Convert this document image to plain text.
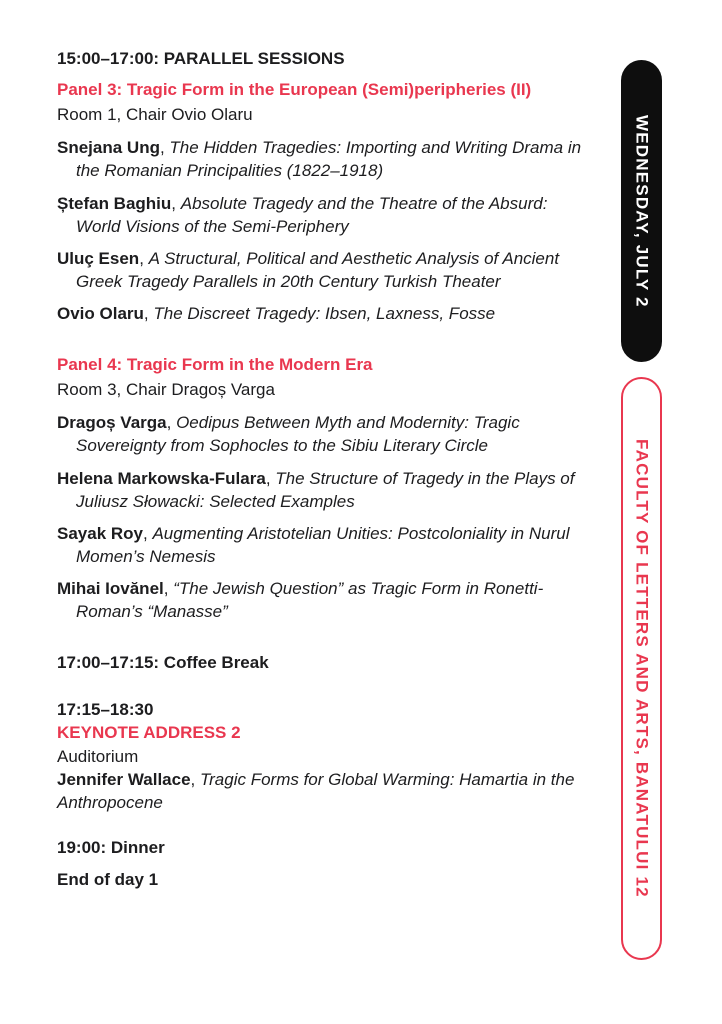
15:00–17:00: PARALLEL SESSIONS

Panel 3: Tragic Form in the European (Semi)peripheries (II)

Room 1, Chair Ovio Olaru

Snejana Ung, The Hidden Tragedies: Importing and Writing Drama in the Romanian Principalities (1822–1918)

Ștefan Baghiu, Absolute Tragedy and the Theatre of the Absurd: World Visions of the Semi-Periphery

Uluç Esen, A Structural, Political and Aesthetic Analysis of Ancient Greek Tragedy Parallels in 20th Century Turkish Theater

Ovio Olaru, The Discreet Tragedy: Ibsen, Laxness, Fosse

Panel 4: Tragic Form in the Modern Era

Room 3, Chair Dragoș Varga

Dragoș Varga, Oedipus Between Myth and Modernity: Tragic Sovereignty from Sophocles to the Sibiu Literary Circle

Helena Markowska-Fulara, The Structure of Tragedy in the Plays of Juliusz Słowacki: Selected Examples

Sayak Roy, Augmenting Aristotelian Unities: Postcoloniality in Nurul Momen’s Nemesis

Mihai Iovănel, “The Jewish Question” as Tragic Form in Ronetti-Roman’s “Manasse”

17:00–17:15: Coffee Break

17:15–18:30

KEYNOTE ADDRESS 2

Auditorium

Jennifer Wallace, Tragic Forms for Global Warming: Hamartia in the Anthropocene

19:00: Dinner

End of day 1

WEDNESDAY, JULY 2
FACULTY OF LETTERS AND ARTS, BANATULUI 12
